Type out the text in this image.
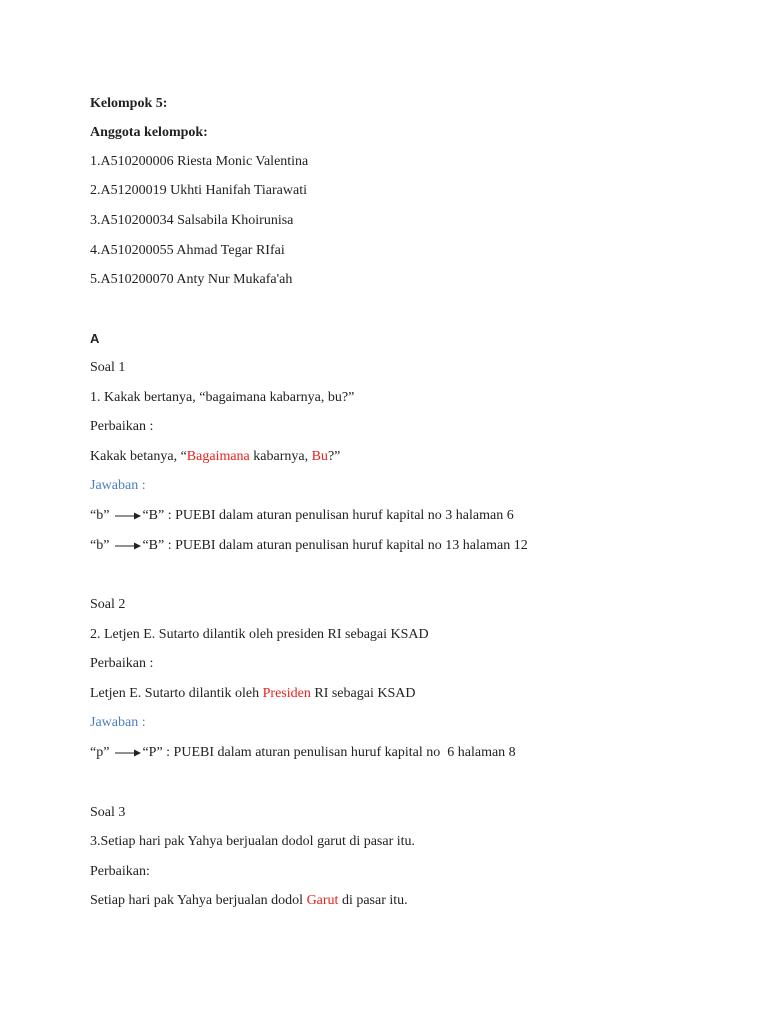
Kelompok 5:
Anggota kelompok:
1.A510200006 Riesta Monic Valentina
2.A51200019 Ukhti Hanifah Tiarawati
3.A510200034 Salsabila Khoirunisa
4.A510200055 Ahmad Tegar RIfai
5.A510200070 Anty Nur Mukafa'ah
A
Soal 1
1. Kakak bertanya, “bagaimana kabarnya, bu?”
Perbaikan :
Kakak betanya, “Bagaimana kabarnya, Bu?”
Jawaban :
“b” “B” : PUEBI dalam aturan penulisan huruf kapital no 3 halaman 6
“b” “B” : PUEBI dalam aturan penulisan huruf kapital no 13 halaman 12
Soal 2
2. Letjen E. Sutarto dilantik oleh presiden RI sebagai KSAD
Perbaikan :
Letjen E. Sutarto dilantik oleh Presiden RI sebagai KSAD
Jawaban :
“p” “P” : PUEBI dalam aturan penulisan huruf kapital no  6 halaman 8
Soal 3
3.Setiap hari pak Yahya berjualan dodol garut di pasar itu.
Perbaikan:
Setiap hari pak Yahya berjualan dodol Garut di pasar itu.
